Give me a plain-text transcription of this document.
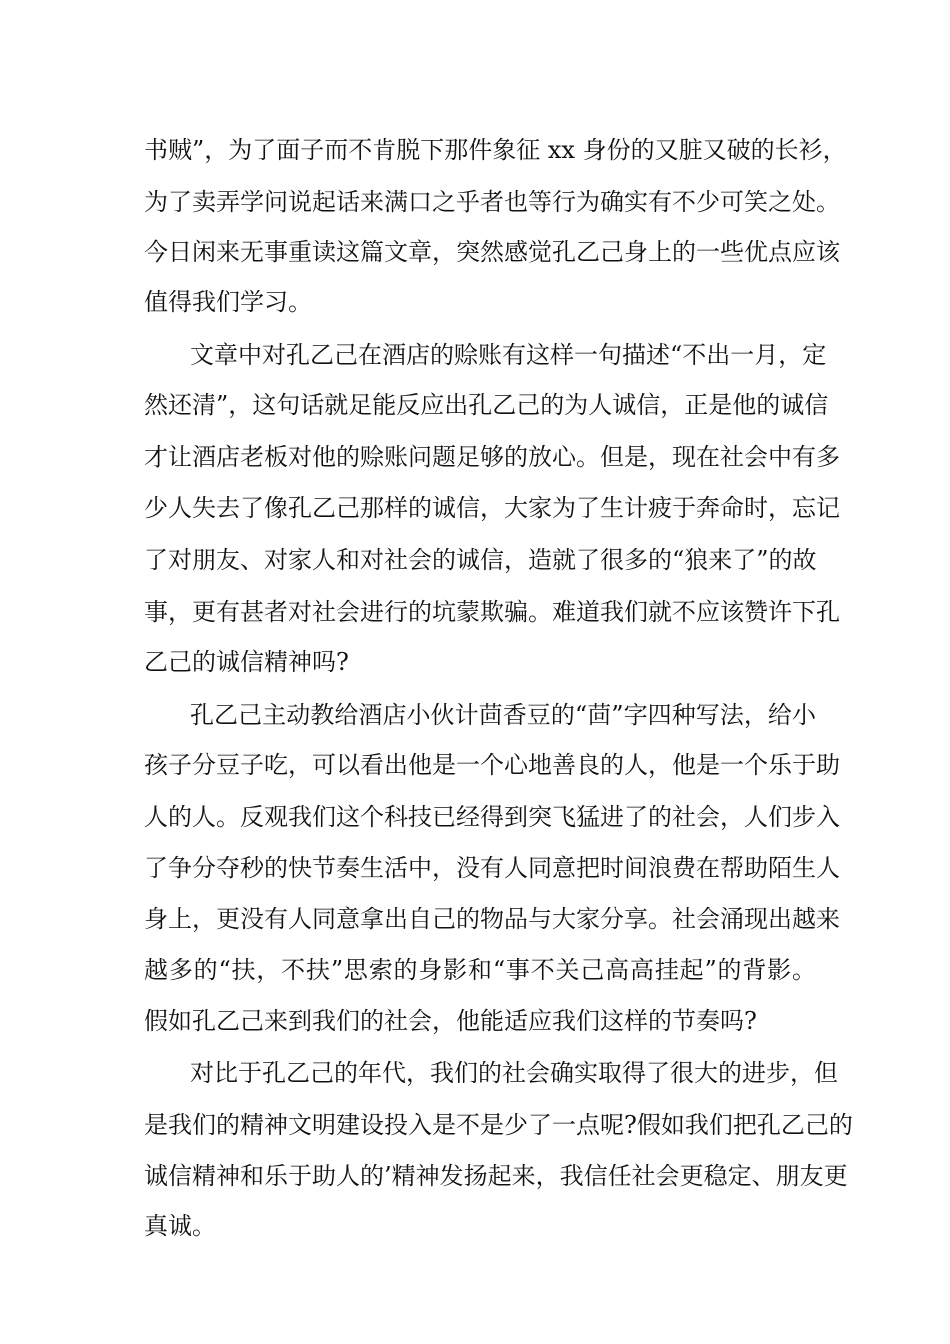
书贼”，为了面子而不肯脱下那件象征 xx 身份的又脏又破的长衫，
为了卖弄学问说起话来满口之乎者也等行为确实有不少可笑之处。
今日闲来无事重读这篇文章，突然感觉孔乙己身上的一些优点应该
值得我们学习。
文章中对孔乙己在酒店的赊账有这样一句描述“不出一月，定
然还清”，这句话就足能反应出孔乙己的为人诚信，正是他的诚信
才让酒店老板对他的赊账问题足够的放心。但是，现在社会中有多
少人失去了像孔乙己那样的诚信，大家为了生计疲于奔命时，忘记
了对朋友、对家人和对社会的诚信，造就了很多的“狼来了”的故
事，更有甚者对社会进行的坑蒙欺骗。难道我们就不应该赞许下孔
乙己的诚信精神吗?
孔乙己主动教给酒店小伙计茴香豆的“茴”字四种写法，给小
孩子分豆子吃，可以看出他是一个心地善良的人，他是一个乐于助
人的人。反观我们这个科技已经得到突飞猛进了的社会，人们步入
了争分夺秒的快节奏生活中，没有人同意把时间浪费在帮助陌生人
身上，更没有人同意拿出自己的物品与大家分享。社会涌现出越来
越多的“扶，不扶”思索的身影和“事不关己高高挂起”的背影。
假如孔乙己来到我们的社会，他能适应我们这样的节奏吗?
对比于孔乙己的年代，我们的社会确实取得了很大的进步，但
是我们的精神文明建设投入是不是少了一点呢?假如我们把孔乙己的
诚信精神和乐于助人的’精神发扬起来，我信任社会更稳定、朋友更
真诚。
